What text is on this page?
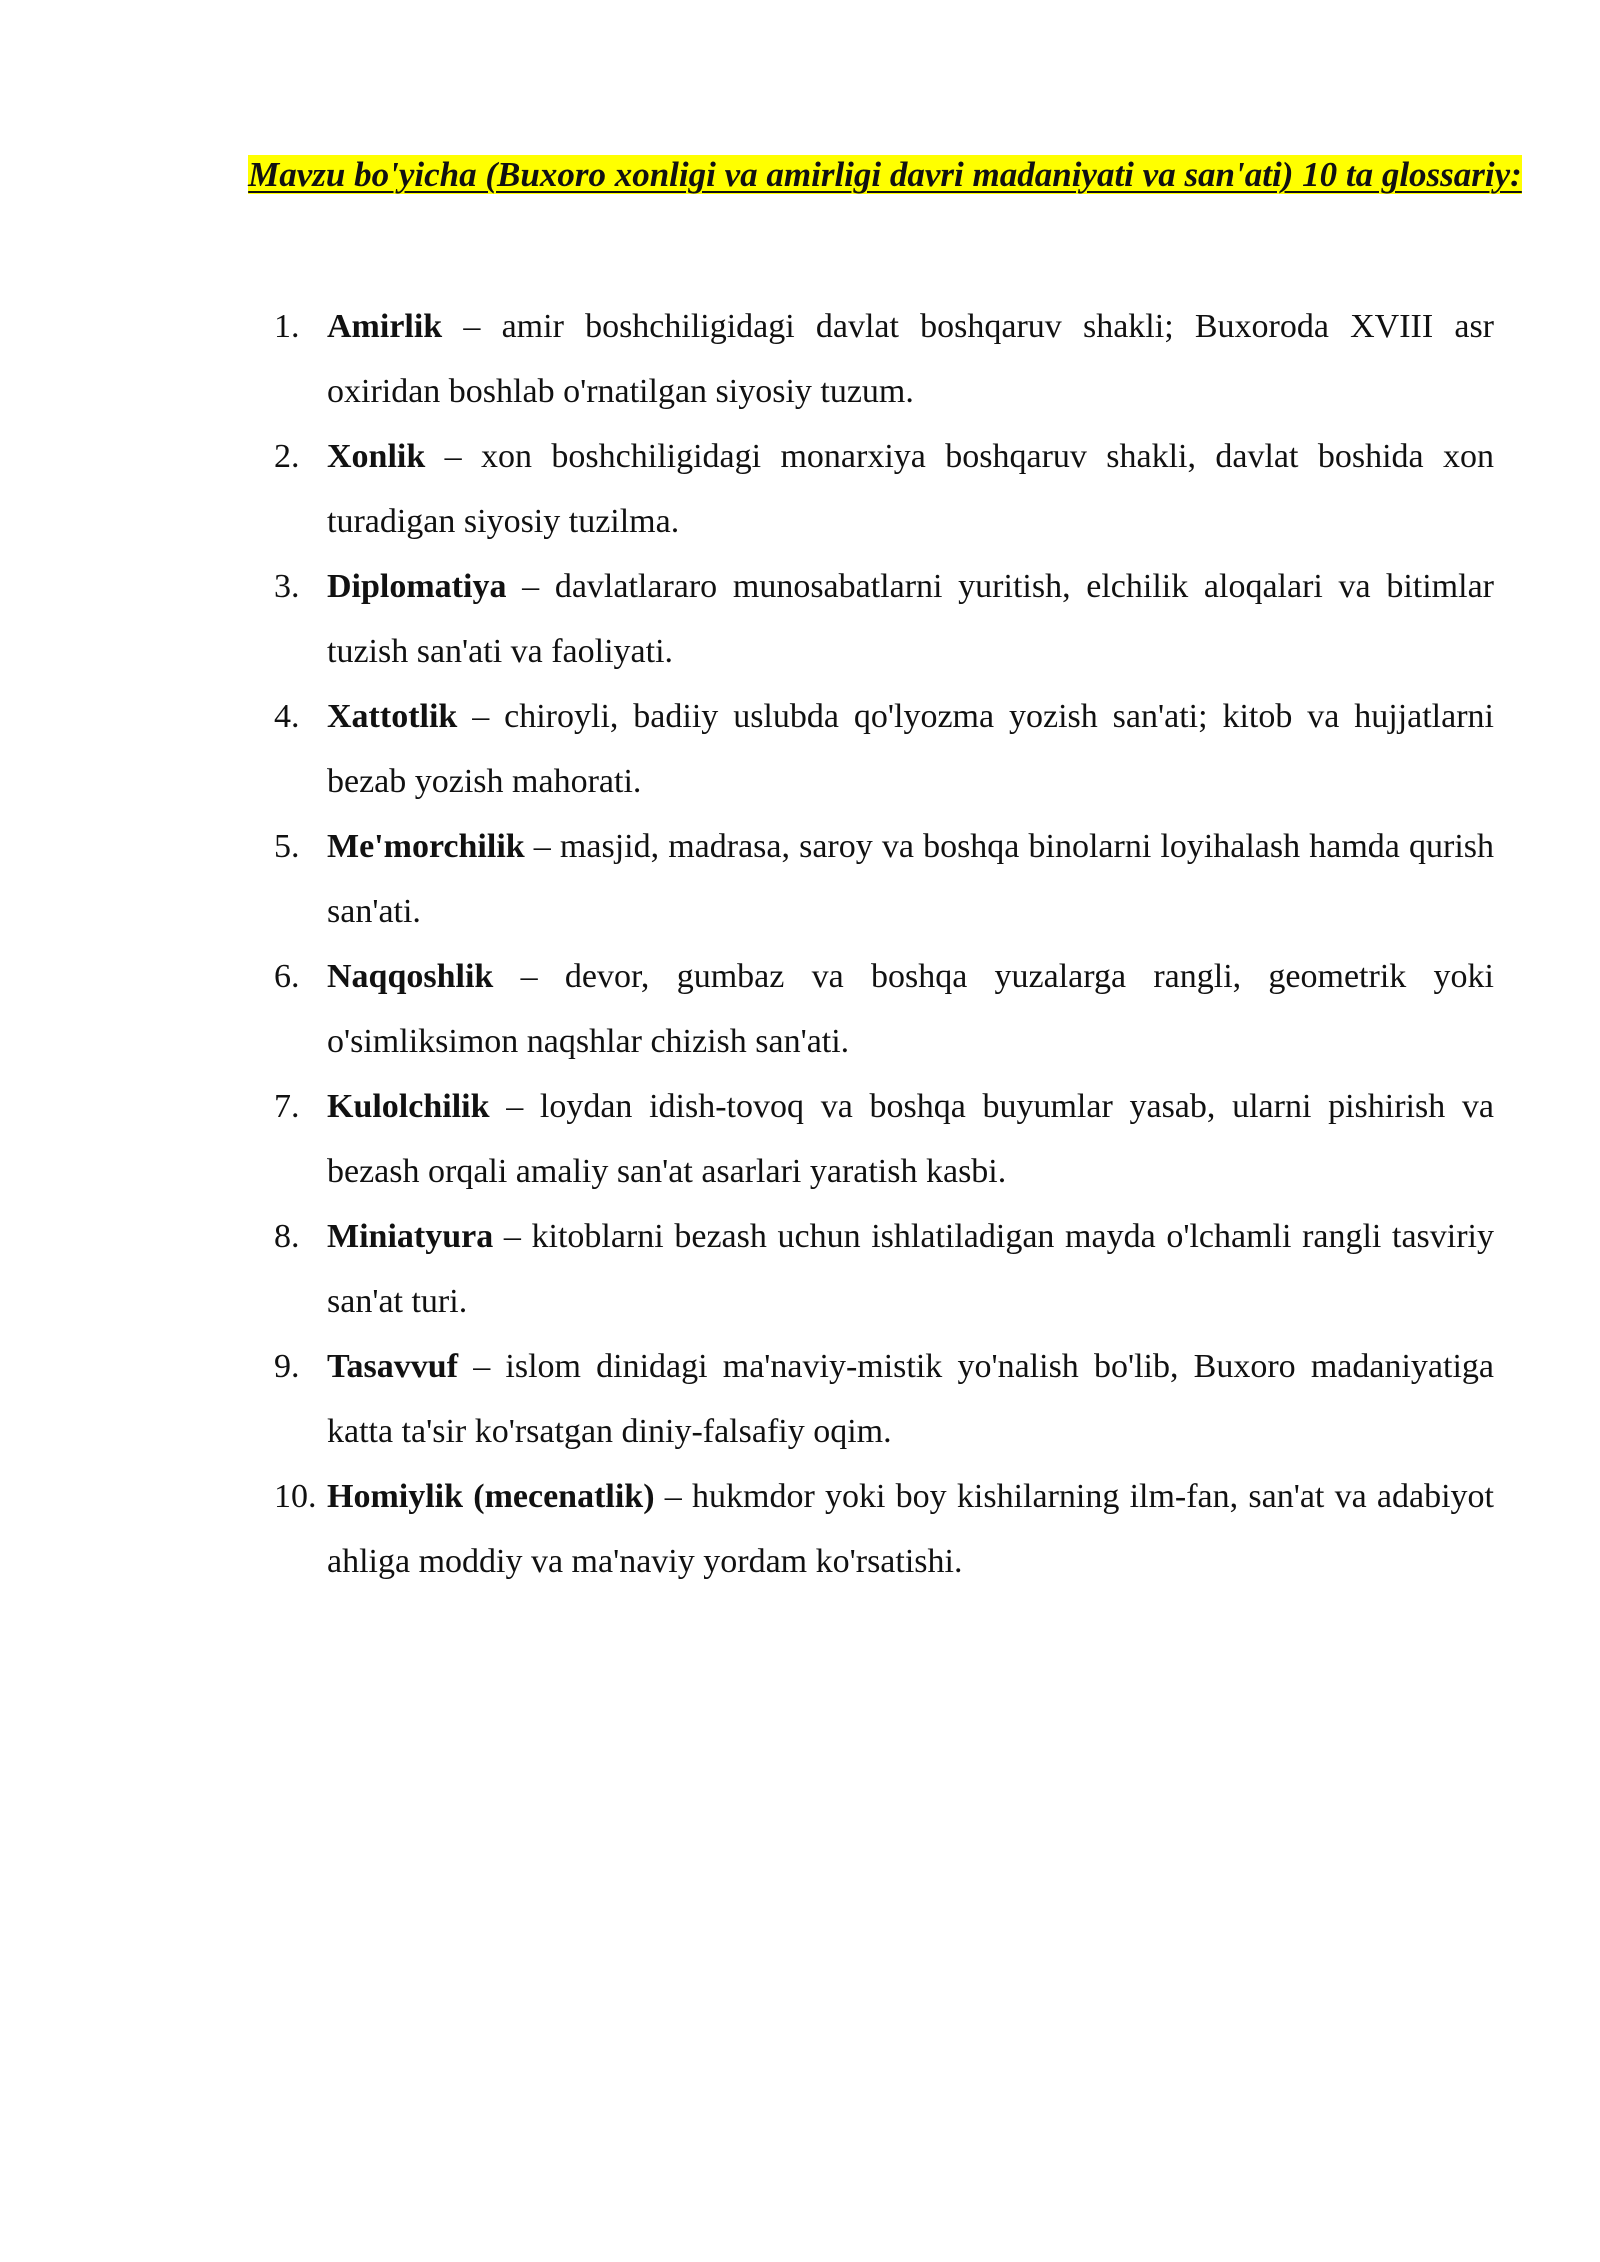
Mavzu bo'yicha (Buxoro xonligi va amirligi davri madaniyati va san'ati) 10 ta glossariy:
1. Amirlik – amir boshchiligidagi davlat boshqaruv shakli; Buxoroda XVIII asr oxiridan boshlab o'rnatilgan siyosiy tuzum.
2. Xonlik – xon boshchiligidagi monarxiya boshqaruv shakli, davlat boshida xon turadigan siyosiy tuzilma.
3. Diplomatiya – davlatlararo munosabatlarni yuritish, elchilik aloqalari va bitimlar tuzish san'ati va faoliyati.
4. Xattotlik – chiroyli, badiiy uslubda qo'lyozma yozish san'ati; kitob va hujjatlarni bezab yozish mahorati.
5. Me'morchilik – masjid, madrasa, saroy va boshqa binolarni loyihalash hamda qurish san'ati.
6. Naqqoshlik – devor, gumbaz va boshqa yuzalarga rangli, geometrik yoki o'simliksimon naqshlar chizish san'ati.
7. Kulolchilik – loydan idish-tovoq va boshqa buyumlar yasab, ularni pishirish va bezash orqali amaliy san'at asarlari yaratish kasbi.
8. Miniatyura – kitoblarni bezash uchun ishlatiladigan mayda o'lchamli rangli tasviriy san'at turi.
9. Tasavvuf – islom dinidagi ma'naviy-mistik yo'nalish bo'lib, Buxoro madaniyatiga katta ta'sir ko'rsatgan diniy-falsafiy oqim.
10. Homiylik (mecenatlik) – hukmdor yoki boy kishilarning ilm-fan, san'at va adabiyot ahliga moddiy va ma'naviy yordam ko'rsatishi.
